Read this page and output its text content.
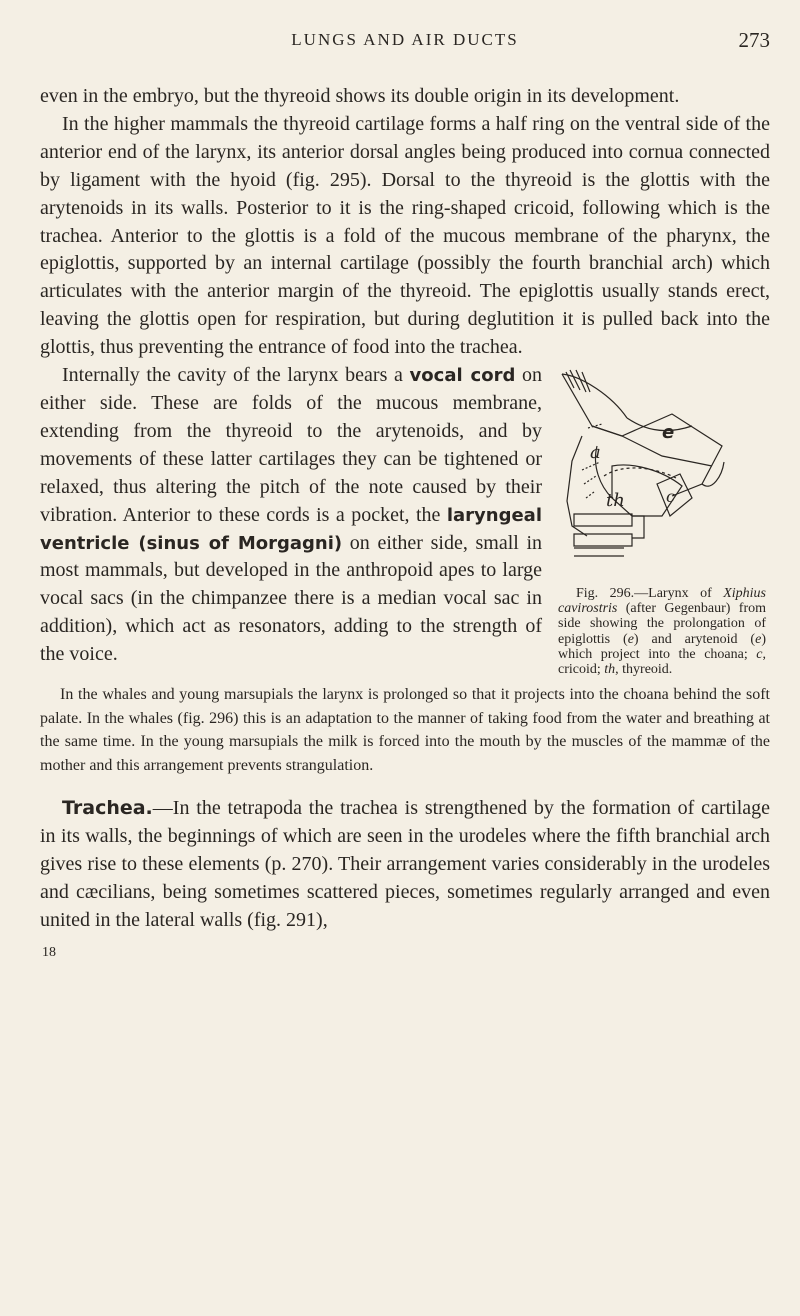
LUNGS AND AIR DUCTS	273

even in the embryo, but the thyreoid shows its double origin in its development.

In the higher mammals the thyreoid cartilage forms a half ring on the ventral side of the anterior end of the larynx, its anterior dorsal angles being produced into cornua connected by ligament with the hyoid (fig. 295). Dorsal to the thyreoid is the glottis with the arytenoids in its walls. Posterior to it is the ring-shaped cricoid, following which is the trachea. Anterior to the glottis is a fold of the mucous membrane of the pharynx, the epiglottis, supported by an internal cartilage (possibly the fourth branchial arch) which articulates with the anterior margin of the thyreoid. The epiglottis usually stands erect, leaving the glottis open for respiration, but during deglutition it is pulled back into the glottis, thus preventing the entrance of food into the trachea.

e
a
c
th
Fig. 296.—Larynx of Xiphius cavirostris (after Gegenbaur) from side showing the prolongation of epiglottis (e) and arytenoid (e) which project into the choana; c, cricoid; th, thyreoid.

Internally the cavity of the larynx bears a vocal cord on either side. These are folds of the mucous membrane, extending from the thyreoid to the arytenoids, and by movements of these latter cartilages they can be tightened or relaxed, thus altering the pitch of the note caused by their vibration. Anterior to these cords is a pocket, the laryngeal ventricle (sinus of Morgagni) on either side, small in most mammals, but developed in the anthropoid apes to large vocal sacs (in the chimpanzee there is a median vocal sac in addition), which act as resonators, adding to the strength of the voice.

In the whales and young marsupials the larynx is prolonged so that it projects into the choana behind the soft palate. In the whales (fig. 296) this is an adaptation to the manner of taking food from the water and breathing at the same time. In the young marsupials the milk is forced into the mouth by the muscles of the mammæ of the mother and this arrangement prevents strangulation.

Trachea.—In the tetrapoda the trachea is strengthened by the formation of cartilage in its walls, the beginnings of which are seen in the urodeles where the fifth branchial arch gives rise to these elements (p. 270). Their arrangement varies considerably in the urodeles and cæcilians, being sometimes scattered pieces, sometimes regularly arranged and even united in the lateral walls (fig. 291),

18
